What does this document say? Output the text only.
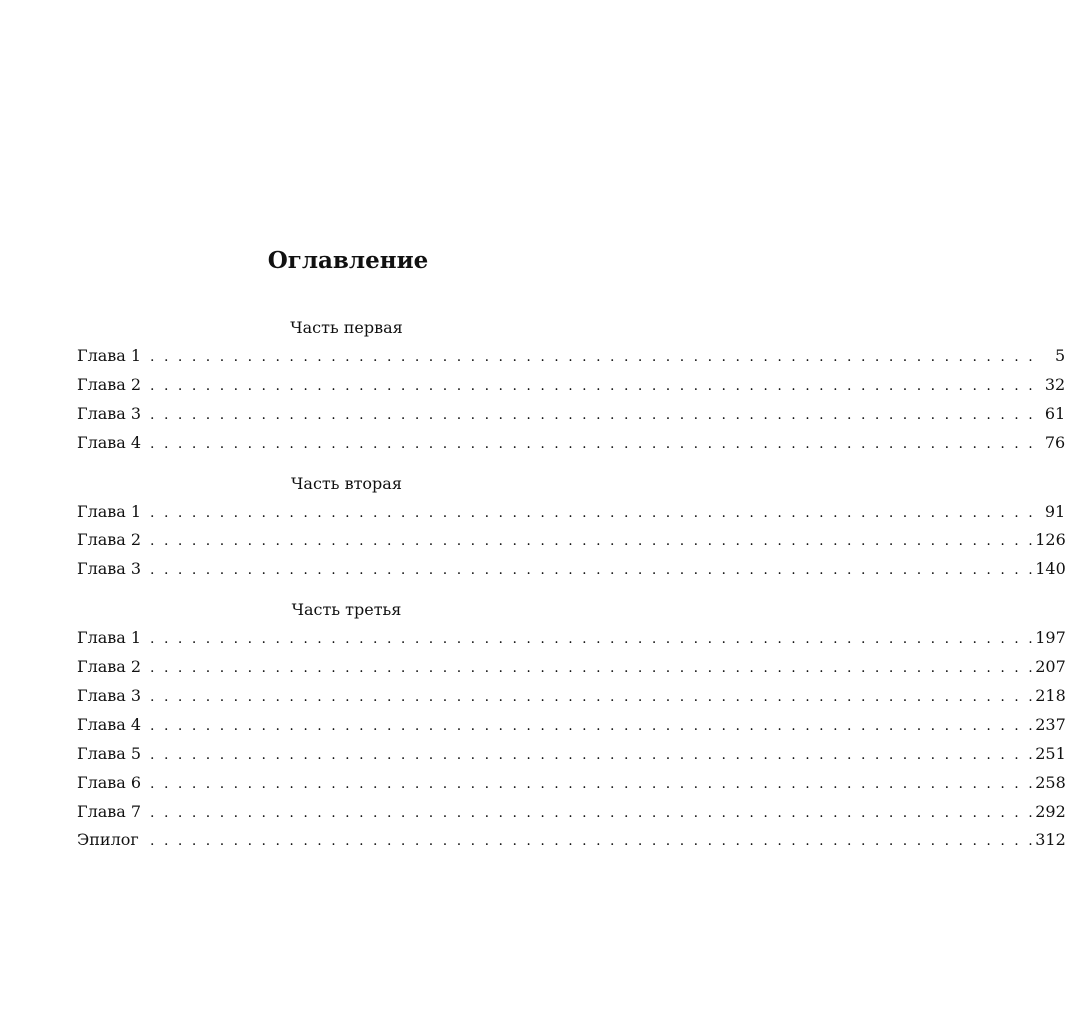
Оглавление
Часть первая
Глава 1 . . . . . . . . . . . . . . . . . . . . . . . . . . . . . . . . . . . . . . . . . . . . . . . . . . . . . . . . . . . . . . . .	5
Глава 2 . . . . . . . . . . . . . . . . . . . . . . . . . . . . . . . . . . . . . . . . . . . . . . . . . . . . . . . . . . . . . . . . 32
Глава 3 . . . . . . . . . . . . . . . . . . . . . . . . . . . . . . . . . . . . . . . . . . . . . . . . . . . . . . . . . . . . . . . . 61
Глава 4 . . . . . . . . . . . . . . . . . . . . . . . . . . . . . . . . . . . . . . . . . . . . . . . . . . . . . . . . . . . . . . . . 76
Часть вторая
Глава 1 . . . . . . . . . . . . . . . . . . . . . . . . . . . . . . . . . . . . . . . . . . . . . . . . . . . . . . . . . . . . . . . . 91
Глава 2 . . . . . . . . . . . . . . . . . . . . . . . . . . . . . . . . . . . . . . . . . . . . . . . . . . . . . . . . . . . . . . . . 126
Глава 3 . . . . . . . . . . . . . . . . . . . . . . . . . . . . . . . . . . . . . . . . . . . . . . . . . . . . . . . . . . . . . . . . 140
Часть третья
Глава 1 . . . . . . . . . . . . . . . . . . . . . . . . . . . . . . . . . . . . . . . . . . . . . . . . . . . . . . . . . . . . . . . . 197
Глава 2 . . . . . . . . . . . . . . . . . . . . . . . . . . . . . . . . . . . . . . . . . . . . . . . . . . . . . . . . . . . . . . . . 207
Глава 3 . . . . . . . . . . . . . . . . . . . . . . . . . . . . . . . . . . . . . . . . . . . . . . . . . . . . . . . . . . . . . . . . 218
Глава 4 . . . . . . . . . . . . . . . . . . . . . . . . . . . . . . . . . . . . . . . . . . . . . . . . . . . . . . . . . . . . . . . . 237
Глава 5 . . . . . . . . . . . . . . . . . . . . . . . . . . . . . . . . . . . . . . . . . . . . . . . . . . . . . . . . . . . . . . . . 251
Глава 6 . . . . . . . . . . . . . . . . . . . . . . . . . . . . . . . . . . . . . . . . . . . . . . . . . . . . . . . . . . . . . . . . 258
Глава 7 . . . . . . . . . . . . . . . . . . . . . . . . . . . . . . . . . . . . . . . . . . . . . . . . . . . . . . . . . . . . . . . . 292
Эпилог . . . . . . . . . . . . . . . . . . . . . . . . . . . . . . . . . . . . . . . . . . . . . . . . . . . . . . . . . . . . . . . . 312
